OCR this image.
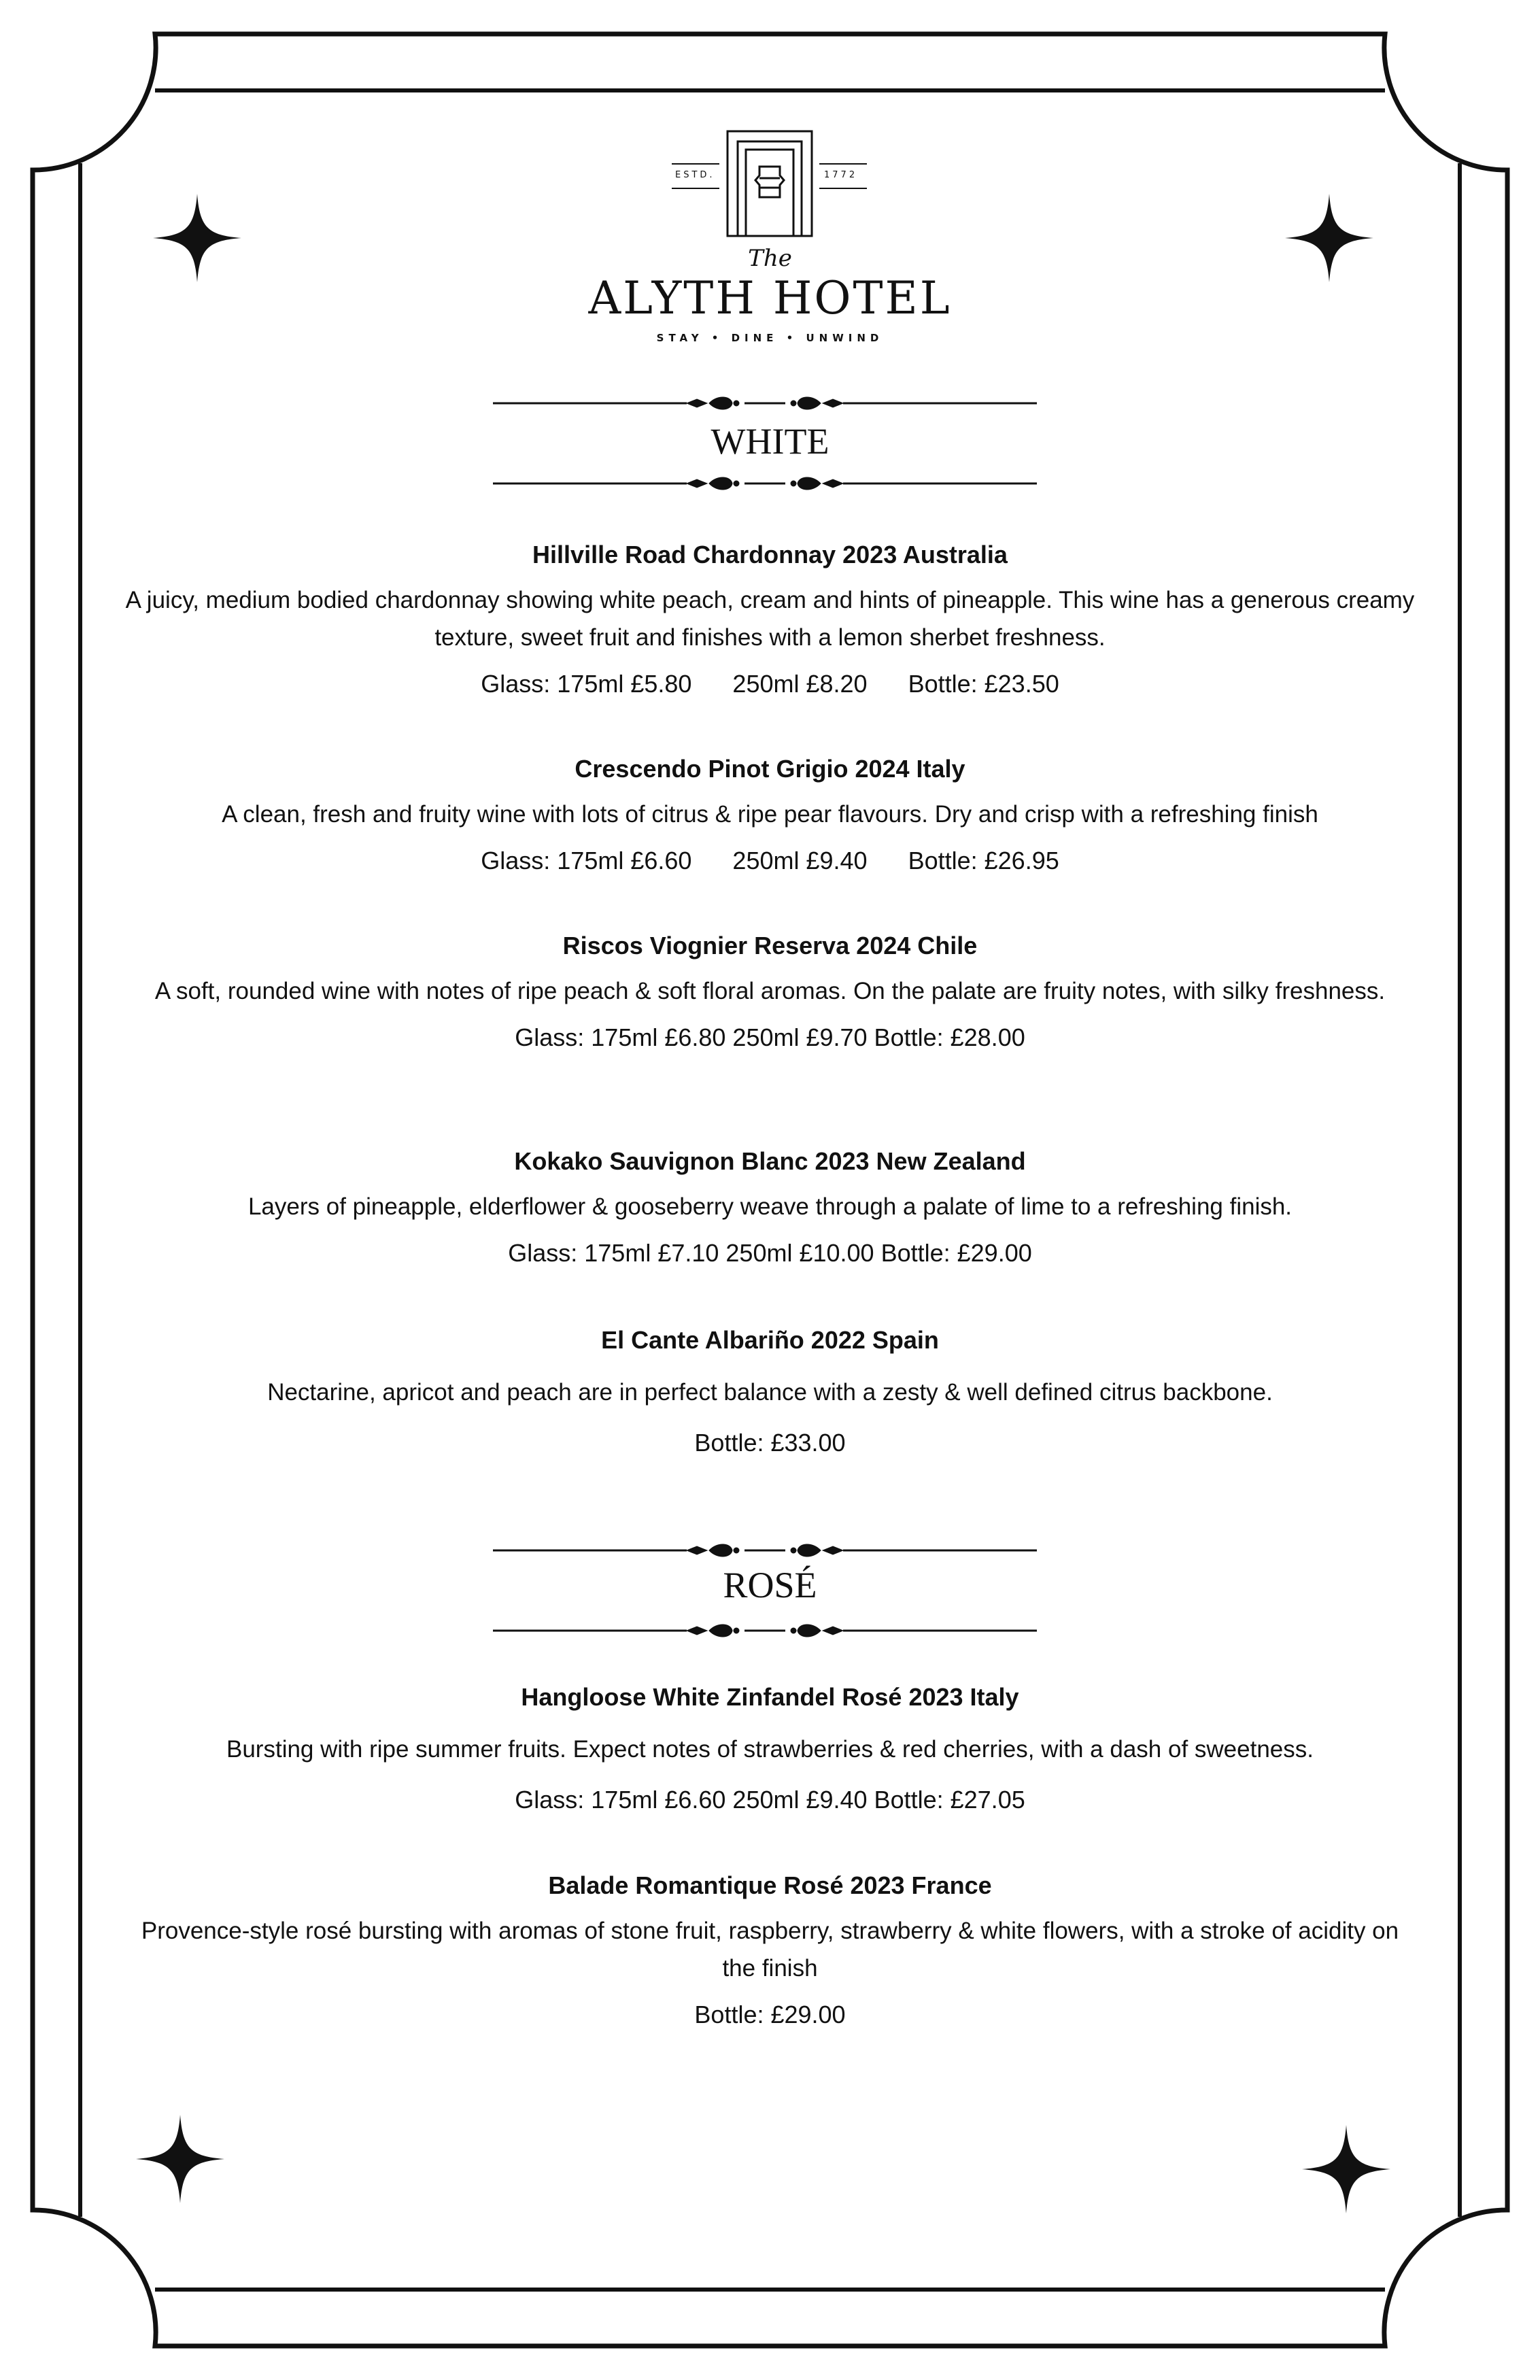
ESTD.	1772
The
ALYTH HOTEL
STAY • DINE • UNWIND
WHITE

Hillville Road Chardonnay 2023 Australia

A juicy, medium bodied chardonnay showing white peach, cream and hints of pineapple. This wine has a generous creamy texture, sweet fruit and finishes with a lemon sherbet freshness.

Glass: 175ml £5.80      250ml £8.20      Bottle: £23.50

Crescendo Pinot Grigio 2024 Italy

A clean, fresh and fruity wine with lots of citrus & ripe pear flavours. Dry and crisp with a refreshing finish

Glass: 175ml £6.60      250ml £9.40      Bottle: £26.95

Riscos Viognier Reserva 2024 Chile

A soft, rounded wine with notes of ripe peach & soft floral aromas. On the palate are fruity notes, with silky freshness.

Glass: 175ml £6.80 250ml £9.70 Bottle: £28.00

Kokako Sauvignon Blanc 2023 New Zealand

Layers of pineapple, elderflower & gooseberry weave through a palate of lime to a refreshing finish.

Glass: 175ml £7.10 250ml £10.00 Bottle: £29.00

El Cante Albariño 2022 Spain

Nectarine, apricot and peach are in perfect balance with a zesty & well defined citrus backbone.

Bottle: £33.00

ROSÉ

Hangloose White Zinfandel Rosé 2023 Italy

Bursting with ripe summer fruits. Expect notes of strawberries & red cherries, with a dash of sweetness.

Glass: 175ml £6.60 250ml £9.40 Bottle: £27.05

Balade Romantique Rosé 2023 France

Provence-style rosé bursting with aromas of stone fruit, raspberry, strawberry & white flowers, with a stroke of acidity on the finish

Bottle: £29.00
